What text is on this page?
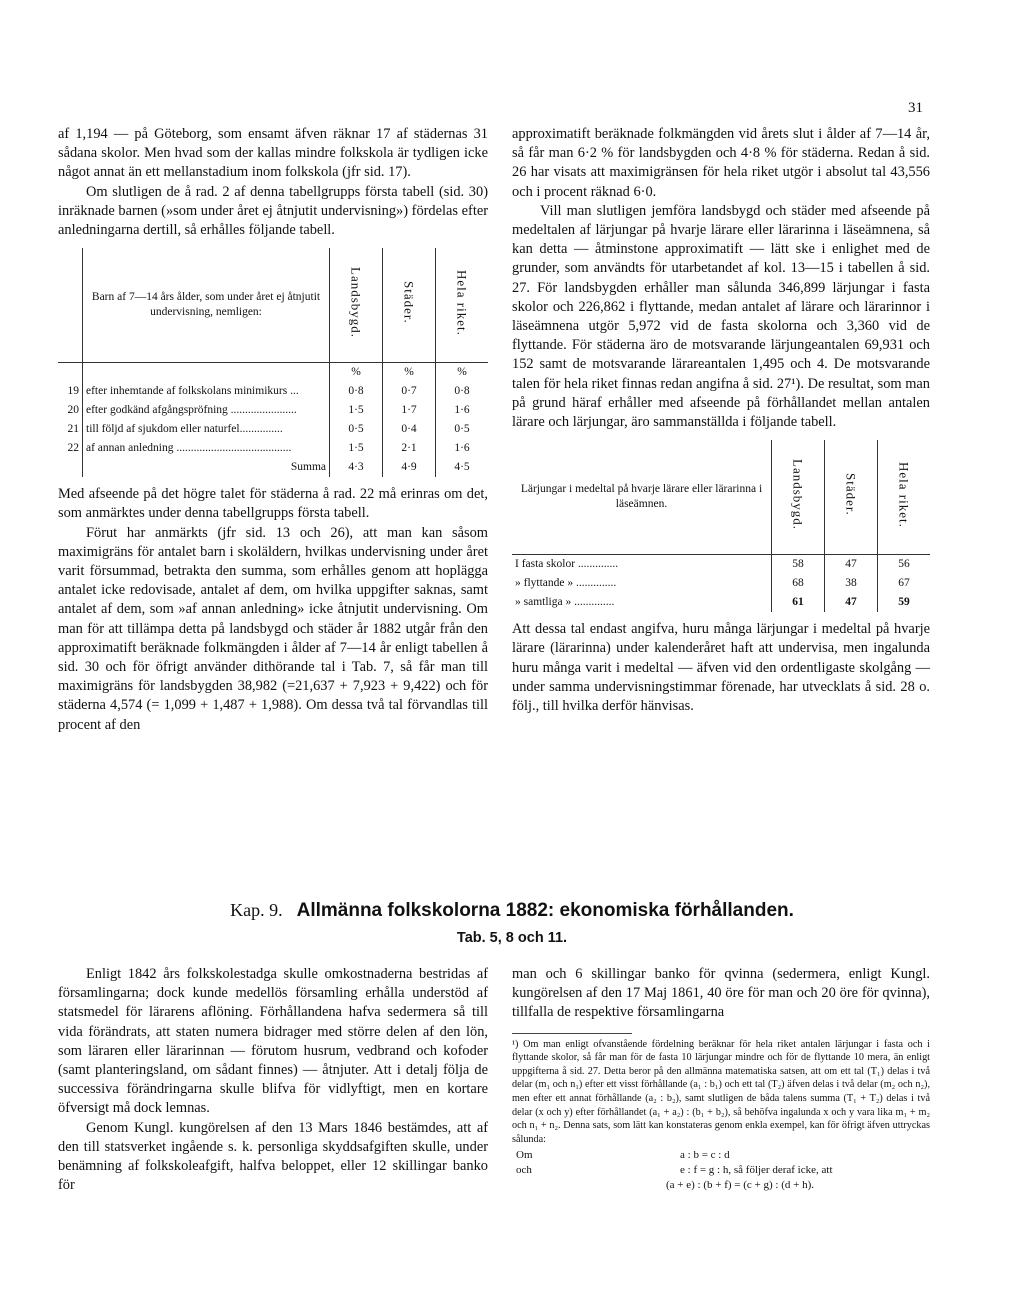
31

af 1,194 — på Göteborg, som ensamt äfven räknar 17 af städernas 31 sådana skolor. Men hvad som der kallas mindre folkskola är tydligen icke något annat än ett mellanstadium inom folkskola (jfr sid. 17).

Om slutligen de å rad. 2 af denna tabellgrupps första tabell (sid. 30) inräknade barnen (»som under året ej åtnjutit undervisning») fördelas efter anledningarna dertill, så erhålles följande tabell.

	Barn af 7—14 års ålder, som under året ej åtnjutit undervisning, nemligen:	Landsbygd.	Städer.	Hela riket.
		%	%	%
19	efter inhemtande af folkskolans minimikurs ...	0·8	0·7	0·8
20	efter godkänd afgångspröfning .......................	1·5	1·7	1·6
21	till följd af sjukdom eller naturfel...............	0·5	0·4	0·5
22	af annan anledning ........................................	1·5	2·1	1·6
	Summa	4·3	4·9	4·5

Med afseende på det högre talet för städerna å rad. 22 må erinras om det, som anmärktes under denna tabellgrupps första tabell.

Förut har anmärkts (jfr sid. 13 och 26), att man kan såsom maximigräns för antalet barn i skoläldern, hvilkas undervisning under året varit försummad, betrakta den summa, som erhålles genom att hoplägga antalet icke redovisade, antalet af dem, om hvilka uppgifter saknas, samt antalet af dem, som »af annan anledning» icke åtnjutit undervisning. Om man för att tillämpa detta på landsbygd och städer år 1882 utgår från den approximatift beräknade folkmängden i ålder af 7—14 år enligt tabellen å sid. 30 och för öfrigt använder dithörande tal i Tab. 7, så får man till maximigräns för landsbygden 38,982 (=21,637 + 7,923 + 9,422) och för städerna 4,574 (= 1,099 + 1,487 + 1,988). Om dessa två tal förvandlas till procent af den

approximatift beräknade folkmängden vid årets slut i ålder af 7—14 år, så får man 6·2 % för landsbygden och 4·8 % för städerna. Redan å sid. 26 har visats att maximigränsen för hela riket utgör i absolut tal 43,556 och i procent räknad 6·0.

Vill man slutligen jemföra landsbygd och städer med afseende på medeltalen af lärjungar på hvarje lärare eller lärarinna i läseämnena, så kan detta — åtminstone approximatift — lätt ske i enlighet med de grunder, som användts för utarbetandet af kol. 13—15 i tabellen å sid. 27. För landsbygden erhåller man sålunda 346,899 lärjungar i fasta skolor och 226,862 i flyttande, medan antalet af lärare och lärarinnor i läseämnena utgör 5,972 vid de fasta skolorna och 3,360 vid de flyttande. För städerna äro de motsvarande lärjungeantalen 69,931 och 152 samt de motsvarande lärareantalen 1,495 och 4. De motsvarande talen för hela riket finnas redan angifna å sid. 27¹). De resultat, som man på grund häraf erhåller med afseende på förhållandet mellan antalen lärare och lärjungar, äro sammanställda i följande tabell.

Lärjungar i medeltal på hvarje lärare eller lärarinna i läseämnen.	Landsbygd.	Städer.	Hela riket.
I fasta skolor ..............	58	47	56
» flyttande » ..............	68	38	67
» samtliga » ..............	61	47	59

Att dessa tal endast angifva, huru många lärjungar i medeltal på hvarje lärare (lärarinna) under kalenderåret haft att undervisa, men ingalunda huru många varit i medeltal — äfven vid den ordentligaste skolgång — under samma undervisningstimmar förenade, har utvecklats å sid. 28 o. följ., till hvilka derför hänvisas.

Kap. 9. Allmänna folkskolorna 1882: ekonomiska förhållanden.
Tab. 5, 8 och 11.

Enligt 1842 års folkskolestadga skulle omkostnaderna bestridas af församlingarna; dock kunde medellös församling erhålla understöd af statsmedel för lärarens aflöning. Förhållandena hafva sedermera så till vida förändrats, att staten numera bidrager med större delen af den lön, som läraren eller lärarinnan — förutom husrum, vedbrand och kofoder (samt planteringsland, om sådant finnes) — åtnjuter. Att i detalj följa de successiva förändringarna skulle blifva för vidlyftigt, men en kortare öfversigt må dock lemnas.

Genom Kungl. kungörelsen af den 13 Mars 1846 bestämdes, att af den till statsverket ingående s. k. personliga skyddsafgiften skulle, under benämning af folkskoleafgift, halfva beloppet, eller 12 skillingar banko för

man och 6 skillingar banko för qvinna (sedermera, enligt Kungl. kungörelsen af den 17 Maj 1861, 40 öre för man och 20 öre för qvinna), tillfalla de respektive församlingarna

¹) Om man enligt ofvanstående fördelning beräknar för hela riket antalen lärjungar i fasta och i flyttande skolor, så får man för de fasta 10 lärjungar mindre och för de flyttande 10 mera, än enligt uppgifterna å sid. 27. Detta beror på den allmänna matematiska satsen, att om ett tal (T₁) delas i två delar (m₁ och n₁) efter ett visst förhållande (a₁ : b₁) och ett tal (T₂) äfven delas i två delar (m₂ och n₂), men efter ett annat förhållande (a₂ : b₂), samt slutligen de båda talens summa (T₁ + T₂) delas i två delar (x och y) efter förhållandet (a₁ + a₂) : (b₁ + b₂), så behöfva ingalunda x och y vara lika m₁ + m₂ och n₁ + n₂. Denna sats, som lätt kan konstateras genom enkla exempel, kan för öfrigt äfven uttryckas sålunda:

Om	a : b = c : d
och	e : f = g : h, så följer deraf icke, att
	(a + e) : (b + f) = (c + g) : (d + h).
